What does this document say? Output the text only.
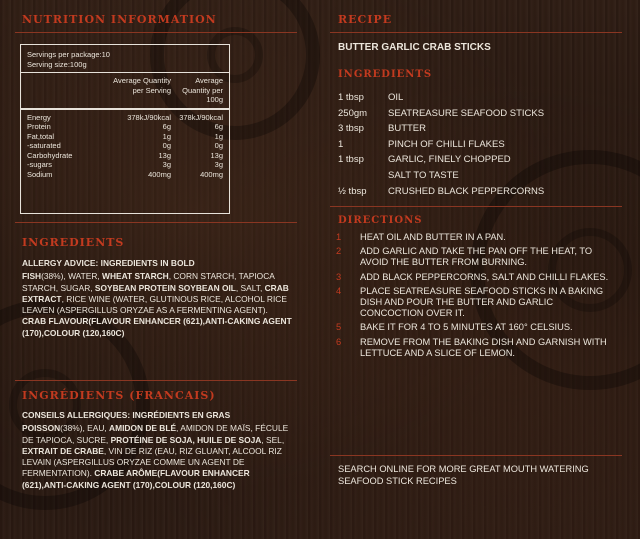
NUTRITION INFORMATION
Servings per package:10
Serving size:100g
	Average Quantity per Serving	Average Quantity per 100g
Energy	378kJ/90kcal	378kJ/90kcal
Protein	6g	6g
Fat,total	1g	1g
-saturated	0g	0g
Carbohydrate	13g	13g
-sugars	3g	3g
Sodium	400mg	400mg
INGREDIENTS
ALLERGY ADVICE: INGREDIENTS IN BOLD
FISH(38%), WATER, WHEAT STARCH, CORN STARCH, TAPIOCA STARCH, SUGAR, SOYBEAN PROTEIN SOYBEAN OIL, SALT, CRAB EXTRACT, RICE WINE (WATER, GLUTINOUS RICE, ALCOHOL RICE LEAVEN (ASPERGILLUS ORYZAE AS A FERMENTING AGENT). CRAB FLAVOUR(FLAVOUR ENHANCER (621),ANTI-CAKING AGENT (170),COLOUR (120,160C)
INGRÉDIENTS (FRANCAIS)
CONSEILS ALLERGIQUES: INGRÉDIENTS EN GRAS
POISSON(38%), EAU, AMIDON DE BLÉ, AMIDON DE MAÏS, FÉCULE DE TAPIOCA, SUCRE, PROTÉINE DE SOJA, HUILE DE SOJA, SEL, EXTRAIT DE CRABE, VIN DE RIZ (EAU, RIZ GLUANT, ALCOOL RIZ LEVAIN (ASPERGILLUS ORYZAE COMME UN AGENT DE FERMENTATION). CRABE ARÔME(FLAVOUR ENHANCER (621),ANTI-CAKING AGENT (170),COLOUR (120,160C)
RECIPE
BUTTER GARLIC CRAB STICKS
INGREDIENTS
1 tbsp	OIL
250gm	SEATREASURE SEAFOOD STICKS
3 tbsp	BUTTER
1	PINCH OF CHILLI FLAKES
1 tbsp	GARLIC, FINELY CHOPPED
SALT TO TASTE
½ tbsp	CRUSHED BLACK PEPPERCORNS
DIRECTIONS
1	HEAT OIL AND BUTTER IN A PAN.
2	ADD GARLIC AND TAKE THE PAN OFF THE HEAT, TO AVOID THE BUTTER FROM BURNING.
3	ADD BLACK PEPPERCORNS, SALT AND CHILLI FLAKES.
4	PLACE SEATREASURE SEAFOOD STICKS IN A BAKING DISH AND POUR THE BUTTER AND GARLIC CONCOCTION OVER IT.
5	BAKE IT FOR 4 TO 5 MINUTES AT 160° CELSIUS.
6	REMOVE FROM THE BAKING DISH AND GARNISH WITH LETTUCE AND A SLICE OF LEMON.
SEARCH ONLINE FOR MORE GREAT MOUTH WATERING SEAFOOD STICK RECIPES
